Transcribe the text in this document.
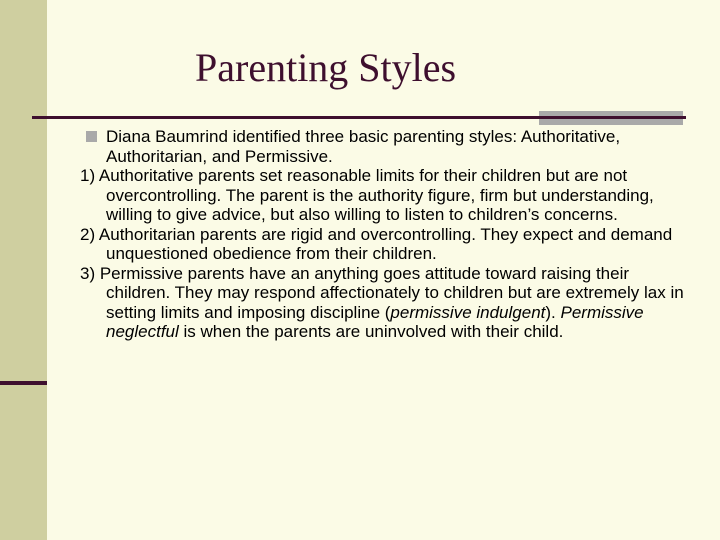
Parenting Styles

Diana Baumrind identified three basic parenting styles: Authoritative, Authoritarian, and Permissive.

1) Authoritative parents set reasonable limits for their children but are not overcontrolling. The parent is the authority figure, firm but understanding, willing to give advice, but also willing to listen to children’s concerns.

2) Authoritarian parents are rigid and overcontrolling. They expect and demand unquestioned obedience from their children.

3) Permissive parents have an anything goes attitude toward raising their children. They may respond affectionately to children but are extremely lax in setting limits and imposing discipline (permissive indulgent). Permissive neglectful is when the parents are uninvolved with their child.
